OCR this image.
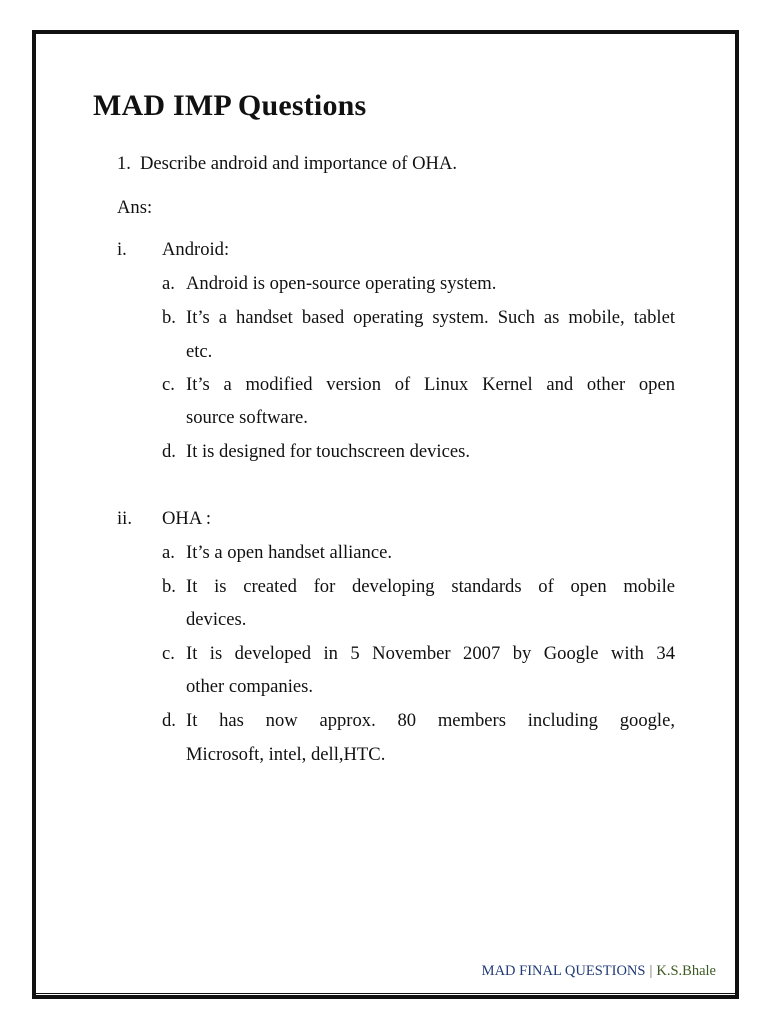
MAD IMP Questions
1. Describe android and importance of OHA.
Ans:
i. Android:
a. Android is open-source operating system.
b. It’s a handset based operating system. Such as mobile, tablet
etc.
c. It’s a modified version of Linux Kernel and other open
source software.
d. It is designed for touchscreen devices.
ii. OHA :
a. It’s a open handset alliance.
b. It is created for developing standards of open mobile
devices.
c. It is developed in 5 November 2007 by Google with 34
other companies.
d. It has now approx. 80 members including google,
Microsoft, intel, dell,HTC.
MAD FINAL QUESTIONS | K.S.Bhale
